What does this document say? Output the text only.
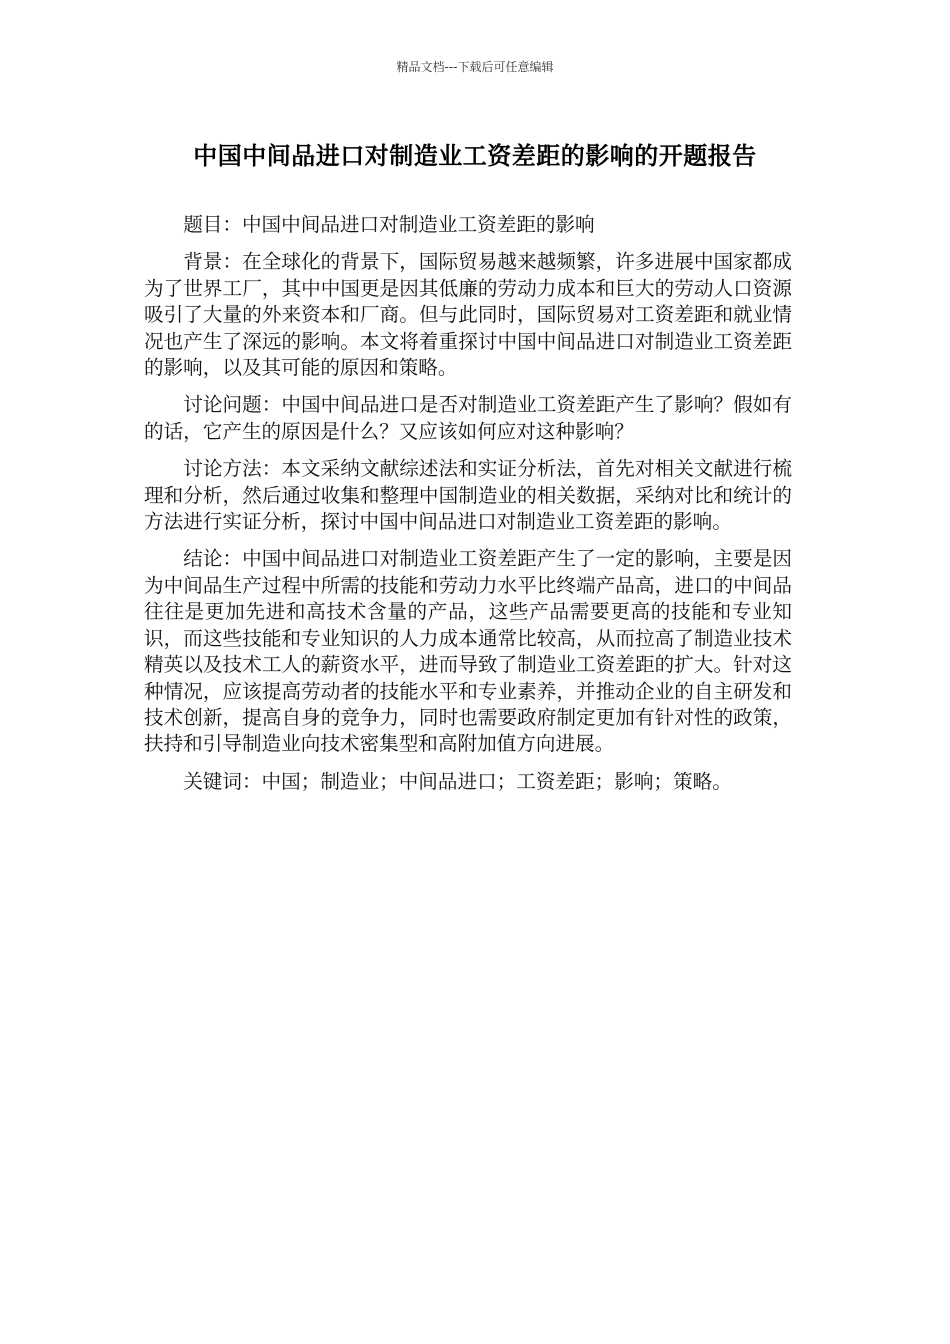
精品文档---下载后可任意编辑
中国中间品进口对制造业工资差距的影响的开题报告

题目：中国中间品进口对制造业工资差距的影响

背景：在全球化的背景下，国际贸易越来越频繁，许多进展中国家都成为了世界工厂，其中中国更是因其低廉的劳动力成本和巨大的劳动人口资源吸引了大量的外来资本和厂商。但与此同时，国际贸易对工资差距和就业情况也产生了深远的影响。本文将着重探讨中国中间品进口对制造业工资差距的影响，以及其可能的原因和策略。

讨论问题：中国中间品进口是否对制造业工资差距产生了影响？假如有的话，它产生的原因是什么？又应该如何应对这种影响？

讨论方法：本文采纳文献综述法和实证分析法，首先对相关文献进行梳理和分析，然后通过收集和整理中国制造业的相关数据，采纳对比和统计的方法进行实证分析，探讨中国中间品进口对制造业工资差距的影响。

结论：中国中间品进口对制造业工资差距产生了一定的影响，主要是因为中间品生产过程中所需的技能和劳动力水平比终端产品高，进口的中间品往往是更加先进和高技术含量的产品，这些产品需要更高的技能和专业知识，而这些技能和专业知识的人力成本通常比较高，从而拉高了制造业技术精英以及技术工人的薪资水平，进而导致了制造业工资差距的扩大。针对这种情况，应该提高劳动者的技能水平和专业素养，并推动企业的自主研发和技术创新，提高自身的竞争力，同时也需要政府制定更加有针对性的政策，扶持和引导制造业向技术密集型和高附加值方向进展。

关键词：中国；制造业；中间品进口；工资差距；影响；策略。
